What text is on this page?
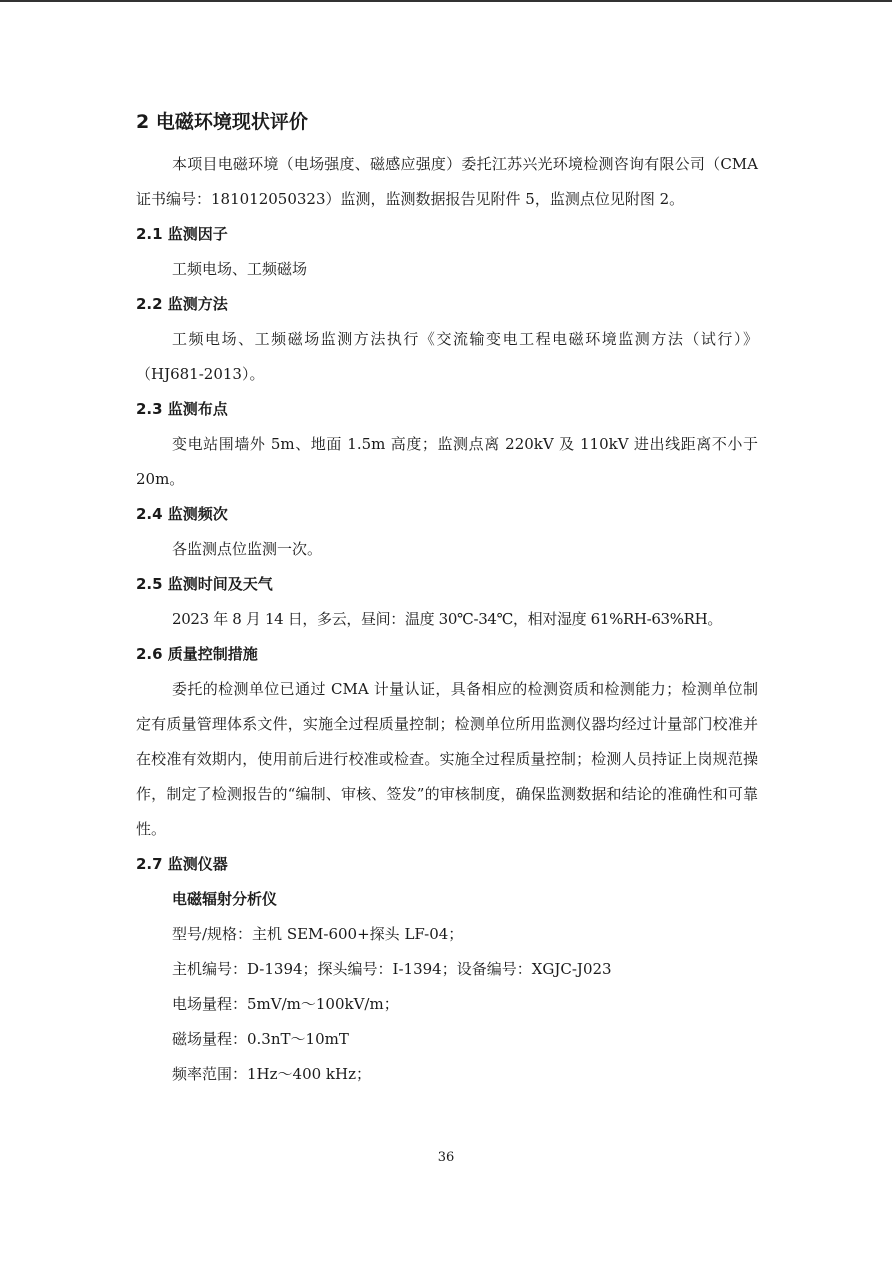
2 电磁环境现状评价

本项目电磁环境（电场强度、磁感应强度）委托江苏兴光环境检测咨询有限公司（CMA 证书编号：181012050323）监测，监测数据报告见附件 5，监测点位见附图 2。

2.1 监测因子

工频电场、工频磁场

2.2 监测方法

工频电场、工频磁场监测方法执行《交流输变电工程电磁环境监测方法（试行）》（HJ681-2013）。

2.3 监测布点

变电站围墙外 5m、地面 1.5m 高度；监测点离 220kV 及 110kV 进出线距离不小于 20m。

2.4 监测频次

各监测点位监测一次。

2.5 监测时间及天气

2023 年 8 月 14 日，多云，昼间：温度 30℃-34℃，相对湿度 61%RH-63%RH。

2.6 质量控制措施

委托的检测单位已通过 CMA 计量认证，具备相应的检测资质和检测能力；检测单位制定有质量管理体系文件，实施全过程质量控制；检测单位所用监测仪器均经过计量部门校准并在校准有效期内，使用前后进行校准或检查。实施全过程质量控制；检测人员持证上岗规范操作，制定了检测报告的“编制、审核、签发”的审核制度，确保监测数据和结论的准确性和可靠性。

2.7 监测仪器
电磁辐射分析仪
型号/规格：主机 SEM-600+探头 LF-04；
主机编号：D-1394；探头编号：I-1394；设备编号：XGJC-J023
电场量程：5mV/m～100kV/m；
磁场量程：0.3nT～10mT
频率范围：1Hz～400 kHz；
36
